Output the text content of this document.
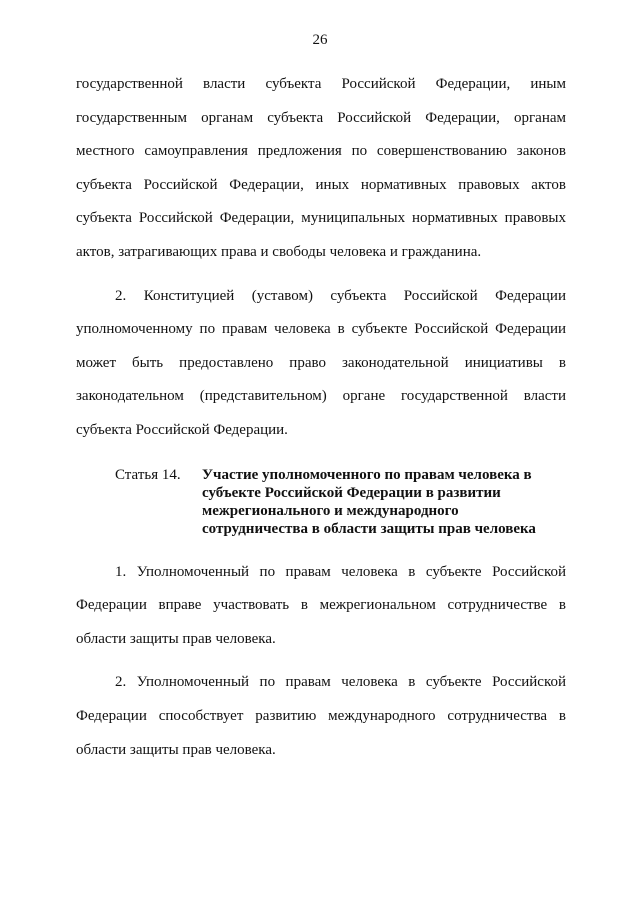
26

государственной власти субъекта Российской Федерации, иным государственным органам субъекта Российской Федерации, органам местного самоуправления предложения по совершенствованию законов субъекта Российской Федерации, иных нормативных правовых актов субъекта Российской Федерации, муниципальных нормативных правовых актов, затрагивающих права и свободы человека и гражданина.

2. Конституцией (уставом) субъекта Российской Федерации уполномоченному по правам человека в субъекте Российской Федерации может быть предоставлено право законодательной инициативы в законодательном (представительном) органе государственной власти субъекта Российской Федерации.

Статья 14.	Участие уполномоченного по правам человека в субъекте Российской Федерации в развитии межрегионального и международного сотрудничества в области защиты прав человека

1. Уполномоченный по правам человека в субъекте Российской Федерации вправе участвовать в межрегиональном сотрудничестве в области защиты прав человека.

2. Уполномоченный по правам человека в субъекте Российской Федерации способствует развитию международного сотрудничества в области защиты прав человека.
